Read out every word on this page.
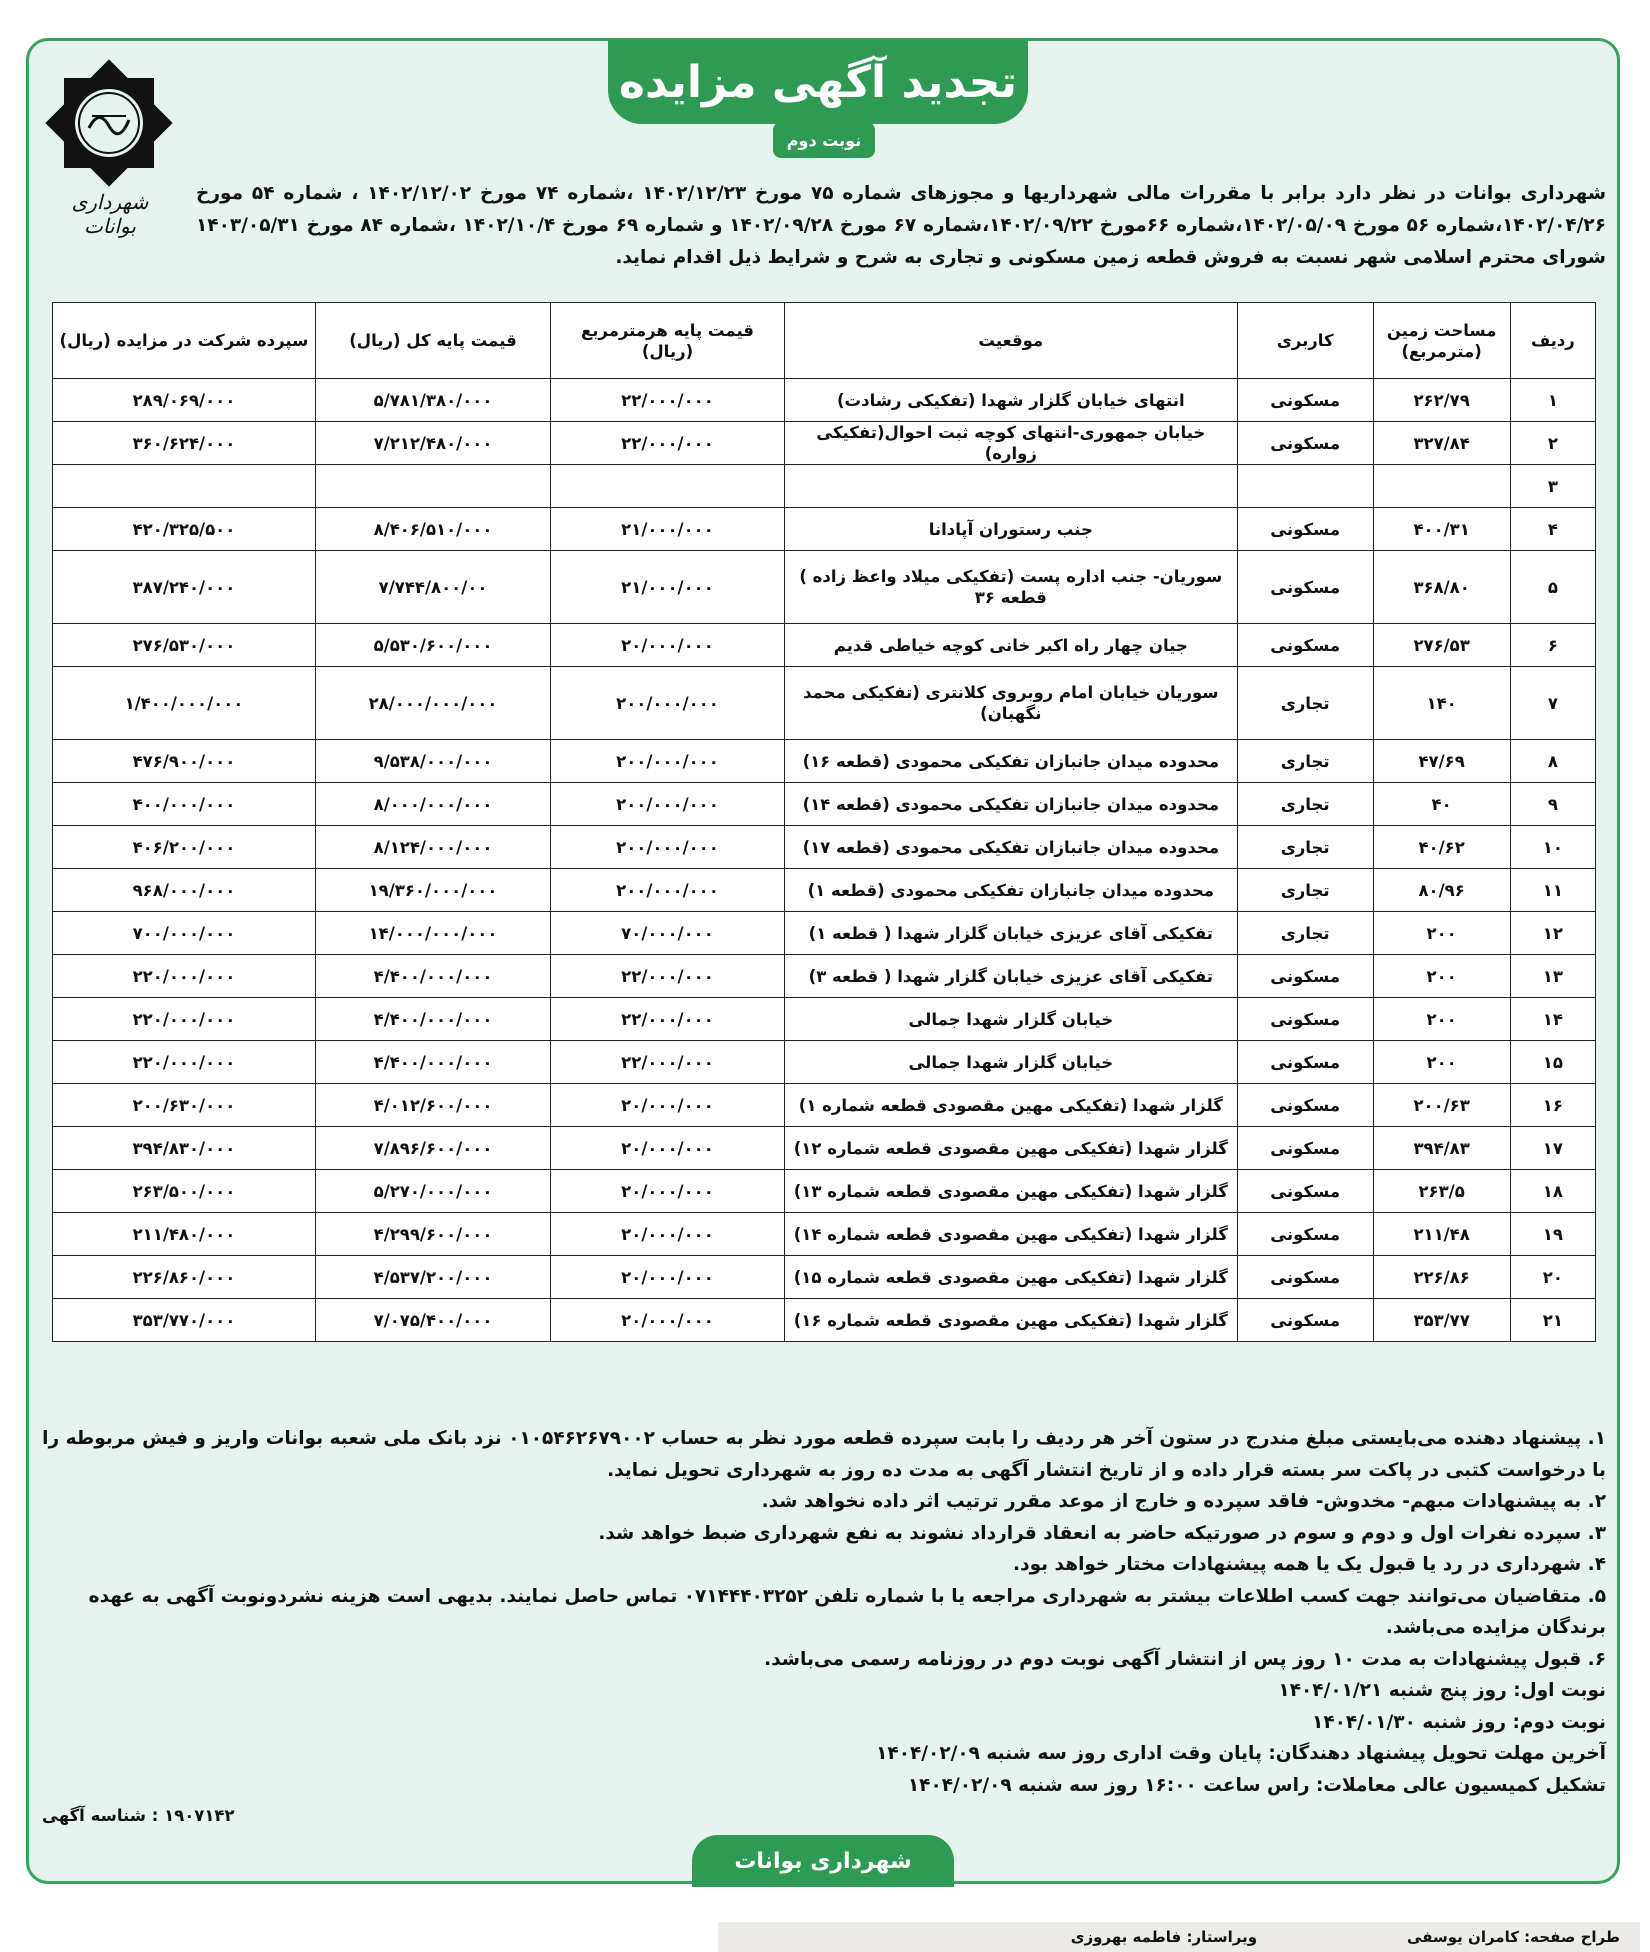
تجدید آگهی مزایده
نوبت دوم
شهرداری بوانات
شهرداری بوانات در نظر دارد برابر با مقررات مالی شهرداریها و مجوزهای شماره ۷۵ مورخ ۱۴۰۲/۱۲/۲۳ ،شماره ۷۴ مورخ ۱۴۰۲/۱۲/۰۲ ، شماره ۵۴ مورخ ۱۴۰۲/۰۴/۲۶،شماره ۵۶ مورخ ۱۴۰۲/۰۵/۰۹،شماره ۶۶مورخ ۱۴۰۲/۰۹/۲۲،شماره ۶۷ مورخ ۱۴۰۲/۰۹/۲۸ و شماره ۶۹ مورخ ۱۴۰۲/۱۰/۴ ،شماره ۸۴ مورخ ۱۴۰۳/۰۵/۳۱ شورای محترم اسلامی شهر نسبت به فروش قطعه زمین مسکونی و تجاری به شرح و شرایط ذیل اقدام نماید.
ردیف	مساحت زمین (مترمربع)	کاربری	موقعیت	قیمت پایه هرمترمربع (ریال)	قیمت پایه کل (ریال)	سپرده شرکت در مزایده (ریال)
۱	۲۶۲/۷۹	مسکونی	انتهای خیابان گلزار شهدا (تفکیکی رشادت)	۲۲/۰۰۰/۰۰۰	۵/۷۸۱/۳۸۰/۰۰۰	۲۸۹/۰۶۹/۰۰۰
۲	۳۲۷/۸۴	مسکونی	خیابان جمهوری-انتهای کوچه ثبت احوال(تفکیکی زواره)	۲۲/۰۰۰/۰۰۰	۷/۲۱۲/۴۸۰/۰۰۰	۳۶۰/۶۲۴/۰۰۰
۳						
۴	۴۰۰/۳۱	مسکونی	جنب رستوران آپادانا	۲۱/۰۰۰/۰۰۰	۸/۴۰۶/۵۱۰/۰۰۰	۴۲۰/۳۲۵/۵۰۰
۵	۳۶۸/۸۰	مسکونی	سوریان- جنب اداره پست (تفکیکی میلاد واعظ زاده ) قطعه ۳۶	۲۱/۰۰۰/۰۰۰	۷/۷۴۴/۸۰۰/۰۰	۳۸۷/۲۴۰/۰۰۰
۶	۲۷۶/۵۳	مسکونی	جیان چهار راه اکبر خانی کوچه خیاطی قدیم	۲۰/۰۰۰/۰۰۰	۵/۵۳۰/۶۰۰/۰۰۰	۲۷۶/۵۳۰/۰۰۰
۷	۱۴۰	تجاری	سوریان خیابان امام روبروی کلانتری (تفکیکی محمد نگهبان)	۲۰۰/۰۰۰/۰۰۰	۲۸/۰۰۰/۰۰۰/۰۰۰	۱/۴۰۰/۰۰۰/۰۰۰
۸	۴۷/۶۹	تجاری	محدوده میدان جانبازان تفکیکی محمودی (قطعه ۱۶)	۲۰۰/۰۰۰/۰۰۰	۹/۵۳۸/۰۰۰/۰۰۰	۴۷۶/۹۰۰/۰۰۰
۹	۴۰	تجاری	محدوده میدان جانبازان تفکیکی محمودی (قطعه ۱۴)	۲۰۰/۰۰۰/۰۰۰	۸/۰۰۰/۰۰۰/۰۰۰	۴۰۰/۰۰۰/۰۰۰
۱۰	۴۰/۶۲	تجاری	محدوده میدان جانبازان تفکیکی محمودی (قطعه ۱۷)	۲۰۰/۰۰۰/۰۰۰	۸/۱۲۴/۰۰۰/۰۰۰	۴۰۶/۲۰۰/۰۰۰
۱۱	۸۰/۹۶	تجاری	محدوده میدان جانبازان تفکیکی محمودی (قطعه ۱)	۲۰۰/۰۰۰/۰۰۰	۱۹/۳۶۰/۰۰۰/۰۰۰	۹۶۸/۰۰۰/۰۰۰
۱۲	۲۰۰	تجاری	تفکیکی آقای عزیزی خیابان گلزار شهدا ( قطعه ۱)	۷۰/۰۰۰/۰۰۰	۱۴/۰۰۰/۰۰۰/۰۰۰	۷۰۰/۰۰۰/۰۰۰
۱۳	۲۰۰	مسکونی	تفکیکی آقای عزیزی خیابان گلزار شهدا ( قطعه ۳)	۲۲/۰۰۰/۰۰۰	۴/۴۰۰/۰۰۰/۰۰۰	۲۲۰/۰۰۰/۰۰۰
۱۴	۲۰۰	مسکونی	خیابان گلزار شهدا جمالی	۲۲/۰۰۰/۰۰۰	۴/۴۰۰/۰۰۰/۰۰۰	۲۲۰/۰۰۰/۰۰۰
۱۵	۲۰۰	مسکونی	خیابان گلزار شهدا جمالی	۲۲/۰۰۰/۰۰۰	۴/۴۰۰/۰۰۰/۰۰۰	۲۲۰/۰۰۰/۰۰۰
۱۶	۲۰۰/۶۳	مسکونی	گلزار شهدا (تفکیکی مهین مقصودی قطعه شماره ۱)	۲۰/۰۰۰/۰۰۰	۴/۰۱۲/۶۰۰/۰۰۰	۲۰۰/۶۳۰/۰۰۰
۱۷	۳۹۴/۸۳	مسکونی	گلزار شهدا (تفکیکی مهین مقصودی قطعه شماره ۱۲)	۲۰/۰۰۰/۰۰۰	۷/۸۹۶/۶۰۰/۰۰۰	۳۹۴/۸۳۰/۰۰۰
۱۸	۲۶۳/۵	مسکونی	گلزار شهدا (تفکیکی مهین مقصودی قطعه شماره ۱۳)	۲۰/۰۰۰/۰۰۰	۵/۲۷۰/۰۰۰/۰۰۰	۲۶۳/۵۰۰/۰۰۰
۱۹	۲۱۱/۴۸	مسکونی	گلزار شهدا (تفکیکی مهین مقصودی قطعه شماره ۱۴)	۲۰/۰۰۰/۰۰۰	۴/۲۹۹/۶۰۰/۰۰۰	۲۱۱/۴۸۰/۰۰۰
۲۰	۲۲۶/۸۶	مسکونی	گلزار شهدا (تفکیکی مهین مقصودی قطعه شماره ۱۵)	۲۰/۰۰۰/۰۰۰	۴/۵۳۷/۲۰۰/۰۰۰	۲۲۶/۸۶۰/۰۰۰
۲۱	۳۵۳/۷۷	مسکونی	گلزار شهدا (تفکیکی مهین مقصودی قطعه شماره ۱۶)	۲۰/۰۰۰/۰۰۰	۷/۰۷۵/۴۰۰/۰۰۰	۳۵۳/۷۷۰/۰۰۰

۱. پیشنهاد دهنده می‌بایستی مبلغ مندرج در ستون آخر هر ردیف را بابت سپرده قطعه مورد نظر به حساب ۰۱۰۵۴۶۲۶۷۹۰۰۲ نزد بانک ملی شعبه بوانات واریز و فیش مربوطه را با درخواست کتبی در پاکت سر بسته قرار داده و از تاریخ انتشار آگهی به مدت ده روز به شهرداری تحویل نماید.

۲. به پیشنهادات مبهم- مخدوش- فاقد سپرده و خارج از موعد مقرر ترتیب اثر داده نخواهد شد.

۳. سپرده نفرات اول و دوم و سوم در صورتیکه حاضر به انعقاد قرارداد نشوند به نفع شهرداری ضبط خواهد شد.

۴. شهرداری در رد یا قبول یک یا همه پیشنهادات مختار خواهد بود.

۵. متقاضیان می‌توانند جهت کسب اطلاعات بیشتر به شهرداری مراجعه یا با شماره تلفن ۰۷۱۴۴۴۰۳۲۵۲ تماس حاصل نمایند. بدیهی است هزینه نشردونوبت آگهی به عهده برندگان مزایده می‌باشد.

۶. قبول پیشنهادات به مدت ۱۰ روز پس از انتشار آگهی نوبت دوم در روزنامه رسمی می‌باشد.

نوبت اول: روز پنج شنبه ۱۴۰۴/۰۱/۲۱

نوبت دوم: روز شنبه ۱۴۰۴/۰۱/۳۰

آخرین مهلت تحویل پیشنهاد دهندگان: پایان وقت اداری روز سه شنبه ۱۴۰۴/۰۲/۰۹

تشکیل کمیسیون عالی معاملات: راس ساعت ۱۶:۰۰ روز سه شنبه ۱۴۰۴/۰۲/۰۹

۱۹۰۷۱۴۲ : شناسه آگهی
شهرداری بوانات
طراح صفحه: کامران یوسفی
ویراستار: فاطمه بهروزی
